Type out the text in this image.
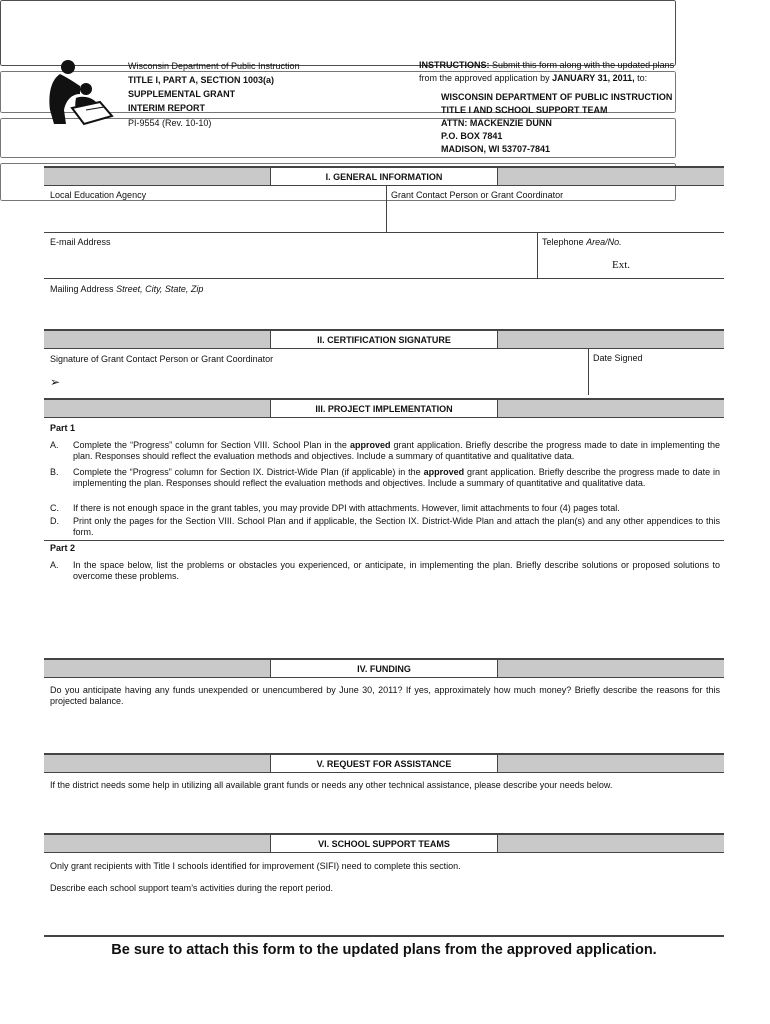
Wisconsin Department of Public Instruction
TITLE I, PART A, SECTION 1003(a)
SUPPLEMENTAL GRANT
INTERIM REPORT
PI-9554 (Rev. 10-10)
INSTRUCTIONS: Submit this form along with the updated plans
from the approved application by JANUARY 31, 2011, to:
WISCONSIN DEPARTMENT OF PUBLIC INSTRUCTION
TITLE I AND SCHOOL SUPPORT TEAM
ATTN: MACKENZIE DUNN
P.O. BOX 7841
MADISON, WI 53707-7841
I. GENERAL INFORMATION
Local Education Agency	Grant Contact Person or Grant Coordinator
E-mail Address	Telephone Area/No.
Ext.
Mailing Address Street, City, State, Zip
II. CERTIFICATION SIGNATURE
Signature of Grant Contact Person or Grant Coordinator
➢
Date Signed
III. PROJECT IMPLEMENTATION
Part 1
A. Complete the “Progress” column for Section VIII. School Plan in the approved grant application. Briefly describe the progress made to date in implementing the plan. Responses should reflect the evaluation methods and objectives. Include a summary of quantitative and qualitative data.
B. Complete the “Progress” column for Section IX. District-Wide Plan (if applicable) in the approved grant application. Briefly describe the progress made to date in implementing the plan. Responses should reflect the evaluation methods and objectives. Include a summary of quantitative and qualitative data.
C. If there is not enough space in the grant tables, you may provide DPI with attachments. However, limit attachments to four (4) pages total.
D. Print only the pages for the Section VIII. School Plan and if applicable, the Section IX. District-Wide Plan and attach the plan(s) and any other appendices to this form.
Part 2
A. In the space below, list the problems or obstacles you experienced, or anticipate, in implementing the plan. Briefly describe solutions or proposed solutions to overcome these problems.

IV. FUNDING
Do you anticipate having any funds unexpended or unencumbered by June 30, 2011? If yes, approximately how much money? Briefly describe the reasons for this projected balance.

V. REQUEST FOR ASSISTANCE
If the district needs some help in utilizing all available grant funds or needs any other technical assistance, please describe your needs below.

VI. SCHOOL SUPPORT TEAMS
Only grant recipients with Title I schools identified for improvement (SIFI) need to complete this section.
Describe each school support team’s activities during the report period.
Be sure to attach this form to the updated plans from the approved application.
